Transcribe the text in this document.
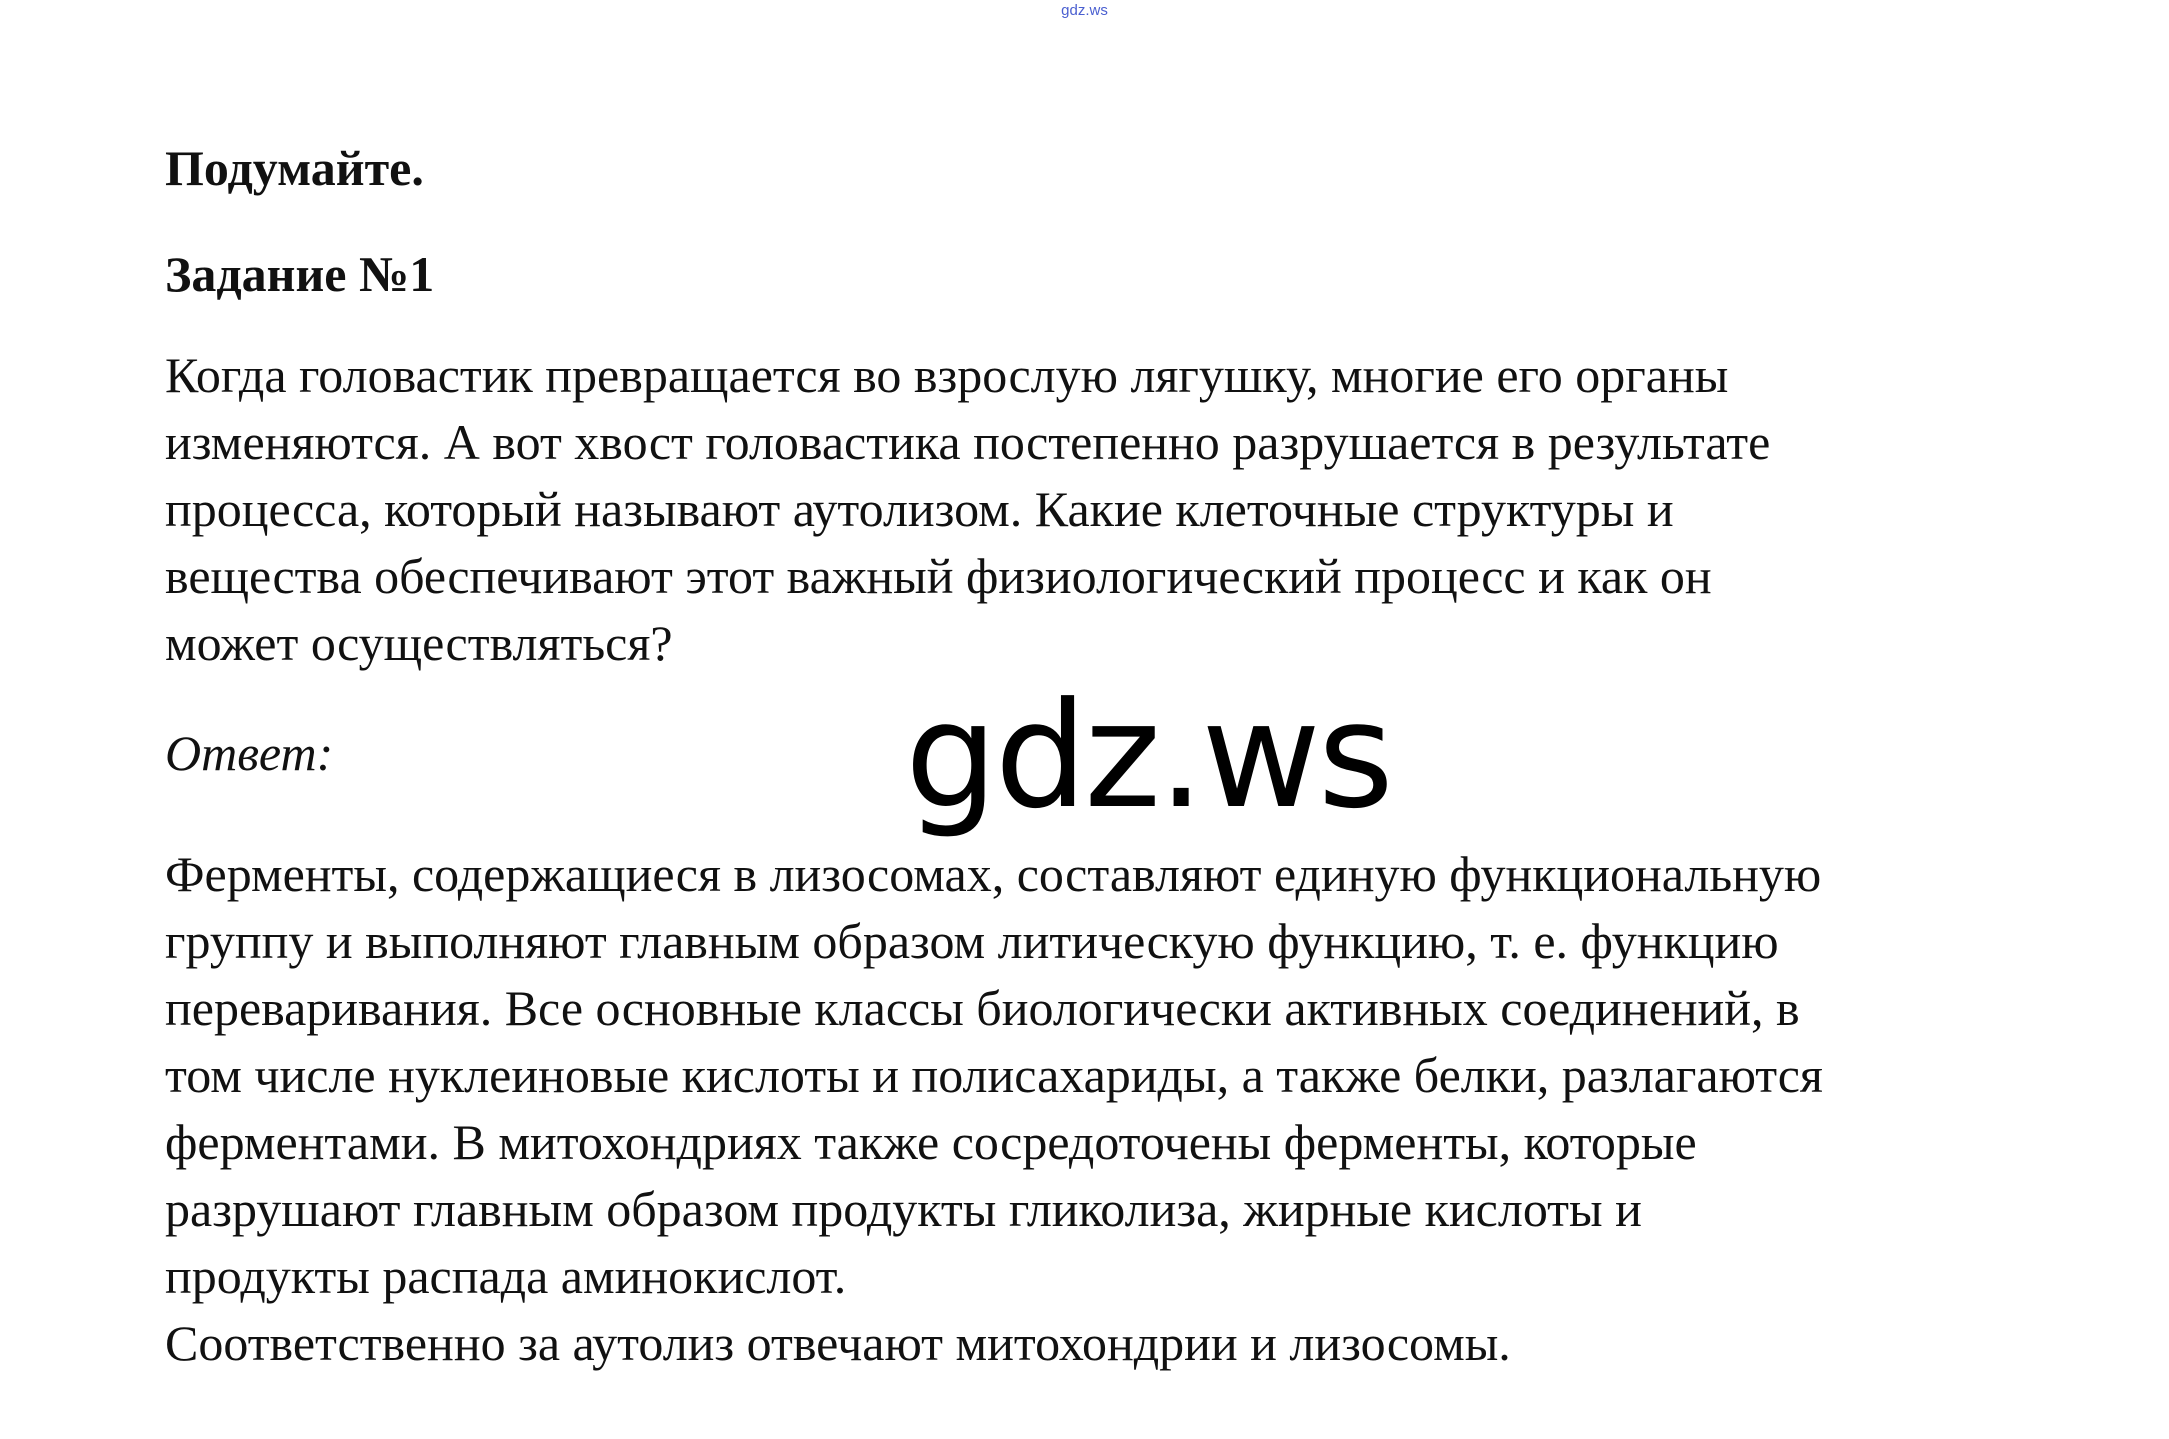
gdz.ws

Подумайте.

Задание №1

Когда головастик превращается во взрослую лягушку, многие его органы
изменяются. А вот хвост головастика постепенно разрушается в результате
процесса, который называют аутолизом. Какие клеточные структуры и
вещества обеспечивают этот важный физиологический процесс и как он
может осуществляться?

Ответ:

Ферменты, содержащиеся в лизосомах, составляют единую функциональную
группу и выполняют главным образом литическую функцию, т. е. функцию
переваривания. Все основные классы биологически активных соединений, в
том числе нуклеиновые кислоты и полисахариды, а также белки, разлагаются
ферментами. В митохондриях также сосредоточены ферменты, которые
разрушают главным образом продукты гликолиза, жирные кислоты и
продукты распада аминокислот.
Соответственно за аутолиз отвечают митохондрии и лизосомы.

gdz.ws
